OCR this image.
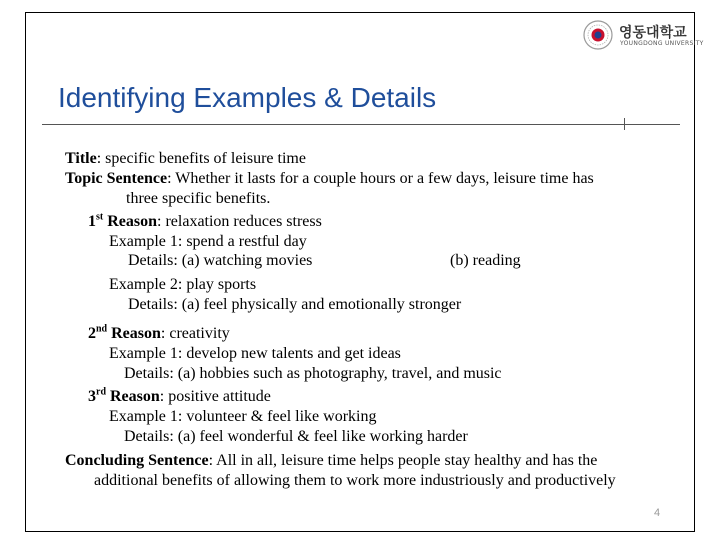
영동대학교
YOUNGDONG UNIVERSITY
Identifying Examples & Details
Title: specific benefits of leisure time
Topic Sentence: Whether it lasts for a couple hours or a few days, leisure time has
three specific benefits.
1st Reason: relaxation reduces stress
Example 1: spend a restful day
Details: (a) watching movies	(b) reading
Example 2: play sports
Details: (a) feel physically and emotionally stronger
2nd Reason: creativity
Example 1: develop new talents and get ideas
Details: (a) hobbies such as photography, travel, and music
3rd Reason: positive attitude
Example 1: volunteer & feel like working
Details: (a) feel wonderful & feel like working harder
Concluding Sentence: All in all, leisure time helps people stay healthy and has the
additional benefits of allowing them to work more industriously and productively
4
